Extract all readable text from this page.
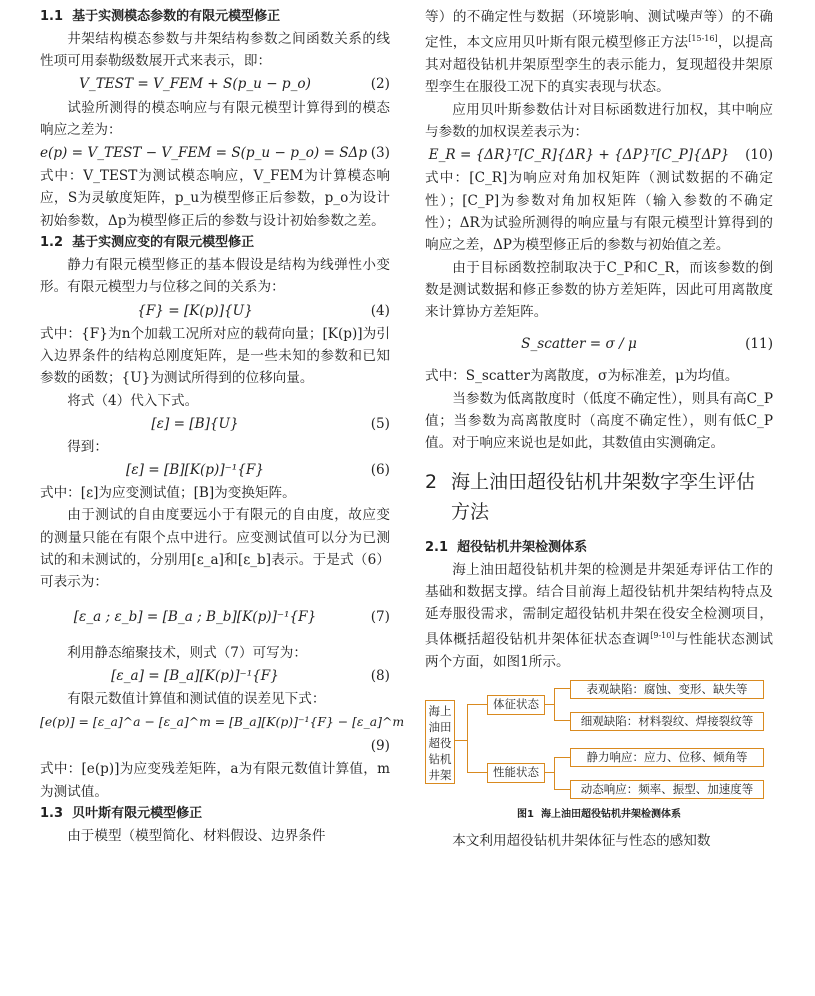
1.1  基于实测模态参数的有限元模型修正

井架结构模态参数与井架结构参数之间函数关系的线性项可用泰勒级数展开式来表示，即：

V_TEST = V_FEM + S(p_u − p_o)	(2)

试验所测得的模态响应与有限元模型计算得到的模态响应之差为：

e(p) = V_TEST − V_FEM = S(p_u − p_o) = SΔp (3)

式中：V_TEST为测试模态响应，V_FEM为计算模态响应，S为灵敏度矩阵，p_u为模型修正后参数，p_o为设计初始参数，Δp为模型修正后的参数与设计初始参数之差。

1.2  基于实测应变的有限元模型修正

静力有限元模型修正的基本假设是结构为线弹性小变形。有限元模型力与位移之间的关系为：

{F} = [K(p)]{U}	(4)

式中：{F}为n个加载工况所对应的载荷向量；[K(p)]为引入边界条件的结构总刚度矩阵，是一些未知的参数和已知参数的函数；{U}为测试所得到的位移向量。

将式（4）代入下式。

[ε] = [B]{U}	(5)

得到：

[ε] = [B][K(p)]⁻¹{F}	(6)

式中：[ε]为应变测试值；[B]为变换矩阵。

由于测试的自由度要远小于有限元的自由度，故应变的测量只能在有限个点中进行。应变测试值可以分为已测试的和未测试的，分别用[ε_a]和[ε_b]表示。于是式（6）可表示为：

[ε_a ; ε_b] = [B_a ; B_b][K(p)]⁻¹{F}	(7)

利用静态缩聚技术，则式（7）可写为：

[ε_a] = [B_a][K(p)]⁻¹{F}	(8)

有限元数值计算值和测试值的误差见下式：

[e(p)] = [ε_a]^a − [ε_a]^m = [B_a][K(p)]⁻¹{F} − [ε_a]^m
(9)

式中：[e(p)]为应变残差矩阵，a为有限元数值计算值，m为测试值。

1.3  贝叶斯有限元模型修正

由于模型（模型简化、材料假设、边界条件

等）的不确定性与数据（环境影响、测试噪声等）的不确定性，本文应用贝叶斯有限元模型修正方法[15-16]，以提高其对超役钻机井架原型孪生的表示能力，复现超役井架原型孪生在服役工况下的真实表现与状态。

应用贝叶斯参数估计对目标函数进行加权，其中响应与参数的加权误差表示为：

E_R = {ΔR}ᵀ[C_R]{ΔR} + {ΔP}ᵀ[C_P]{ΔP}	(10)

式中：[C_R]为响应对角加权矩阵（测试数据的不确定性）；[C_P]为参数对角加权矩阵（输入参数的不确定性）；ΔR为试验所测得的响应量与有限元模型计算得到的响应之差，ΔP为模型修正后的参数与初始值之差。

由于目标函数控制取决于C_P和C_R，而该参数的倒数是测试数据和修正参数的协方差矩阵，因此可用离散度来计算协方差矩阵。

S_scatter = σ / μ	(11)

式中：S_scatter为离散度，σ为标准差，μ为均值。

当参数为低离散度时（低度不确定性），则具有高C_P值；当参数为高离散度时（高度不确定性），则有低C_P值。对于响应来说也是如此，其数值由实测确定。

2 海上油田超役钻机井架数字孪生评估方法

2.1  超役钻机井架检测体系

海上油田超役钻机井架的检测是井架延寿评估工作的基础和数据支撑。结合目前海上超役钻机井架结构特点及延寿服役需求，需制定超役钻机井架在役安全检测项目，具体概括超役钻机井架体征状态查调[9-10]与性能状态测试两个方面，如图1所示。

海上油田超役钻机井架
体征状态
性能状态
表观缺陷：腐蚀、变形、缺失等
细观缺陷：材料裂纹、焊接裂纹等
静力响应：应力、位移、倾角等
动态响应：频率、振型、加速度等

图1  海上油田超役钻机井架检测体系

本文利用超役钻机井架体征与性态的感知数
